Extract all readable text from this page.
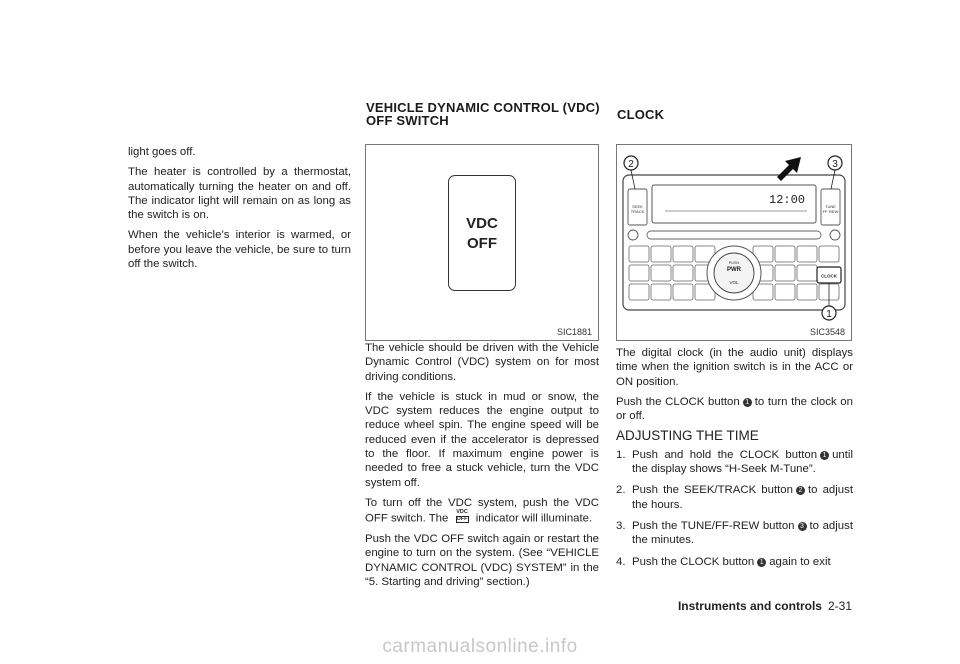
light goes off.

The heater is controlled by a thermostat, automatically turning the heater on and off. The indicator light will remain on as long as the switch is on.

When the vehicle’s interior is warmed, or before you leave the vehicle, be sure to turn off the switch.

VEHICLE DYNAMIC CONTROL (VDC)
OFF SWITCH
VDC
OFF
SIC1881

The vehicle should be driven with the Vehicle Dynamic Control (VDC) system on for most driving conditions.

If the vehicle is stuck in mud or snow, the VDC system reduces the engine output to reduce wheel spin. The engine speed will be reduced even if the accelerator is depressed to the floor. If maximum engine power is needed to free a stuck vehicle, turn the VDC system off.

To turn off the VDC system, push the VDC OFF switch. The
VDC
OFF indicator will illuminate.

Push the VDC OFF switch again or restart the engine to turn on the system. (See “VEHICLE DYNAMIC CONTROL (VDC) SYSTEM” in the “5. Starting and driving” section.)

CLOCK
12:00
SEEK
TRACK
TUNE
FF·REW
CLOCK
PUSH
PWR
VOL
2	3
1
SIC3548

The digital clock (in the audio unit) displays time when the ignition switch is in the ACC or ON position.

Push the CLOCK button 1 to turn the clock on or off.

ADJUSTING THE TIME
1. Push and hold the CLOCK button 1 until the display shows “H-Seek M-Tune”.
2. Push the SEEK/TRACK button 2 to adjust the hours.
3. Push the TUNE/FF-REW button 3 to adjust the minutes.
4. Push the CLOCK button 1 again to exit
Instruments and controls 2-31
carmanualsonline.info
